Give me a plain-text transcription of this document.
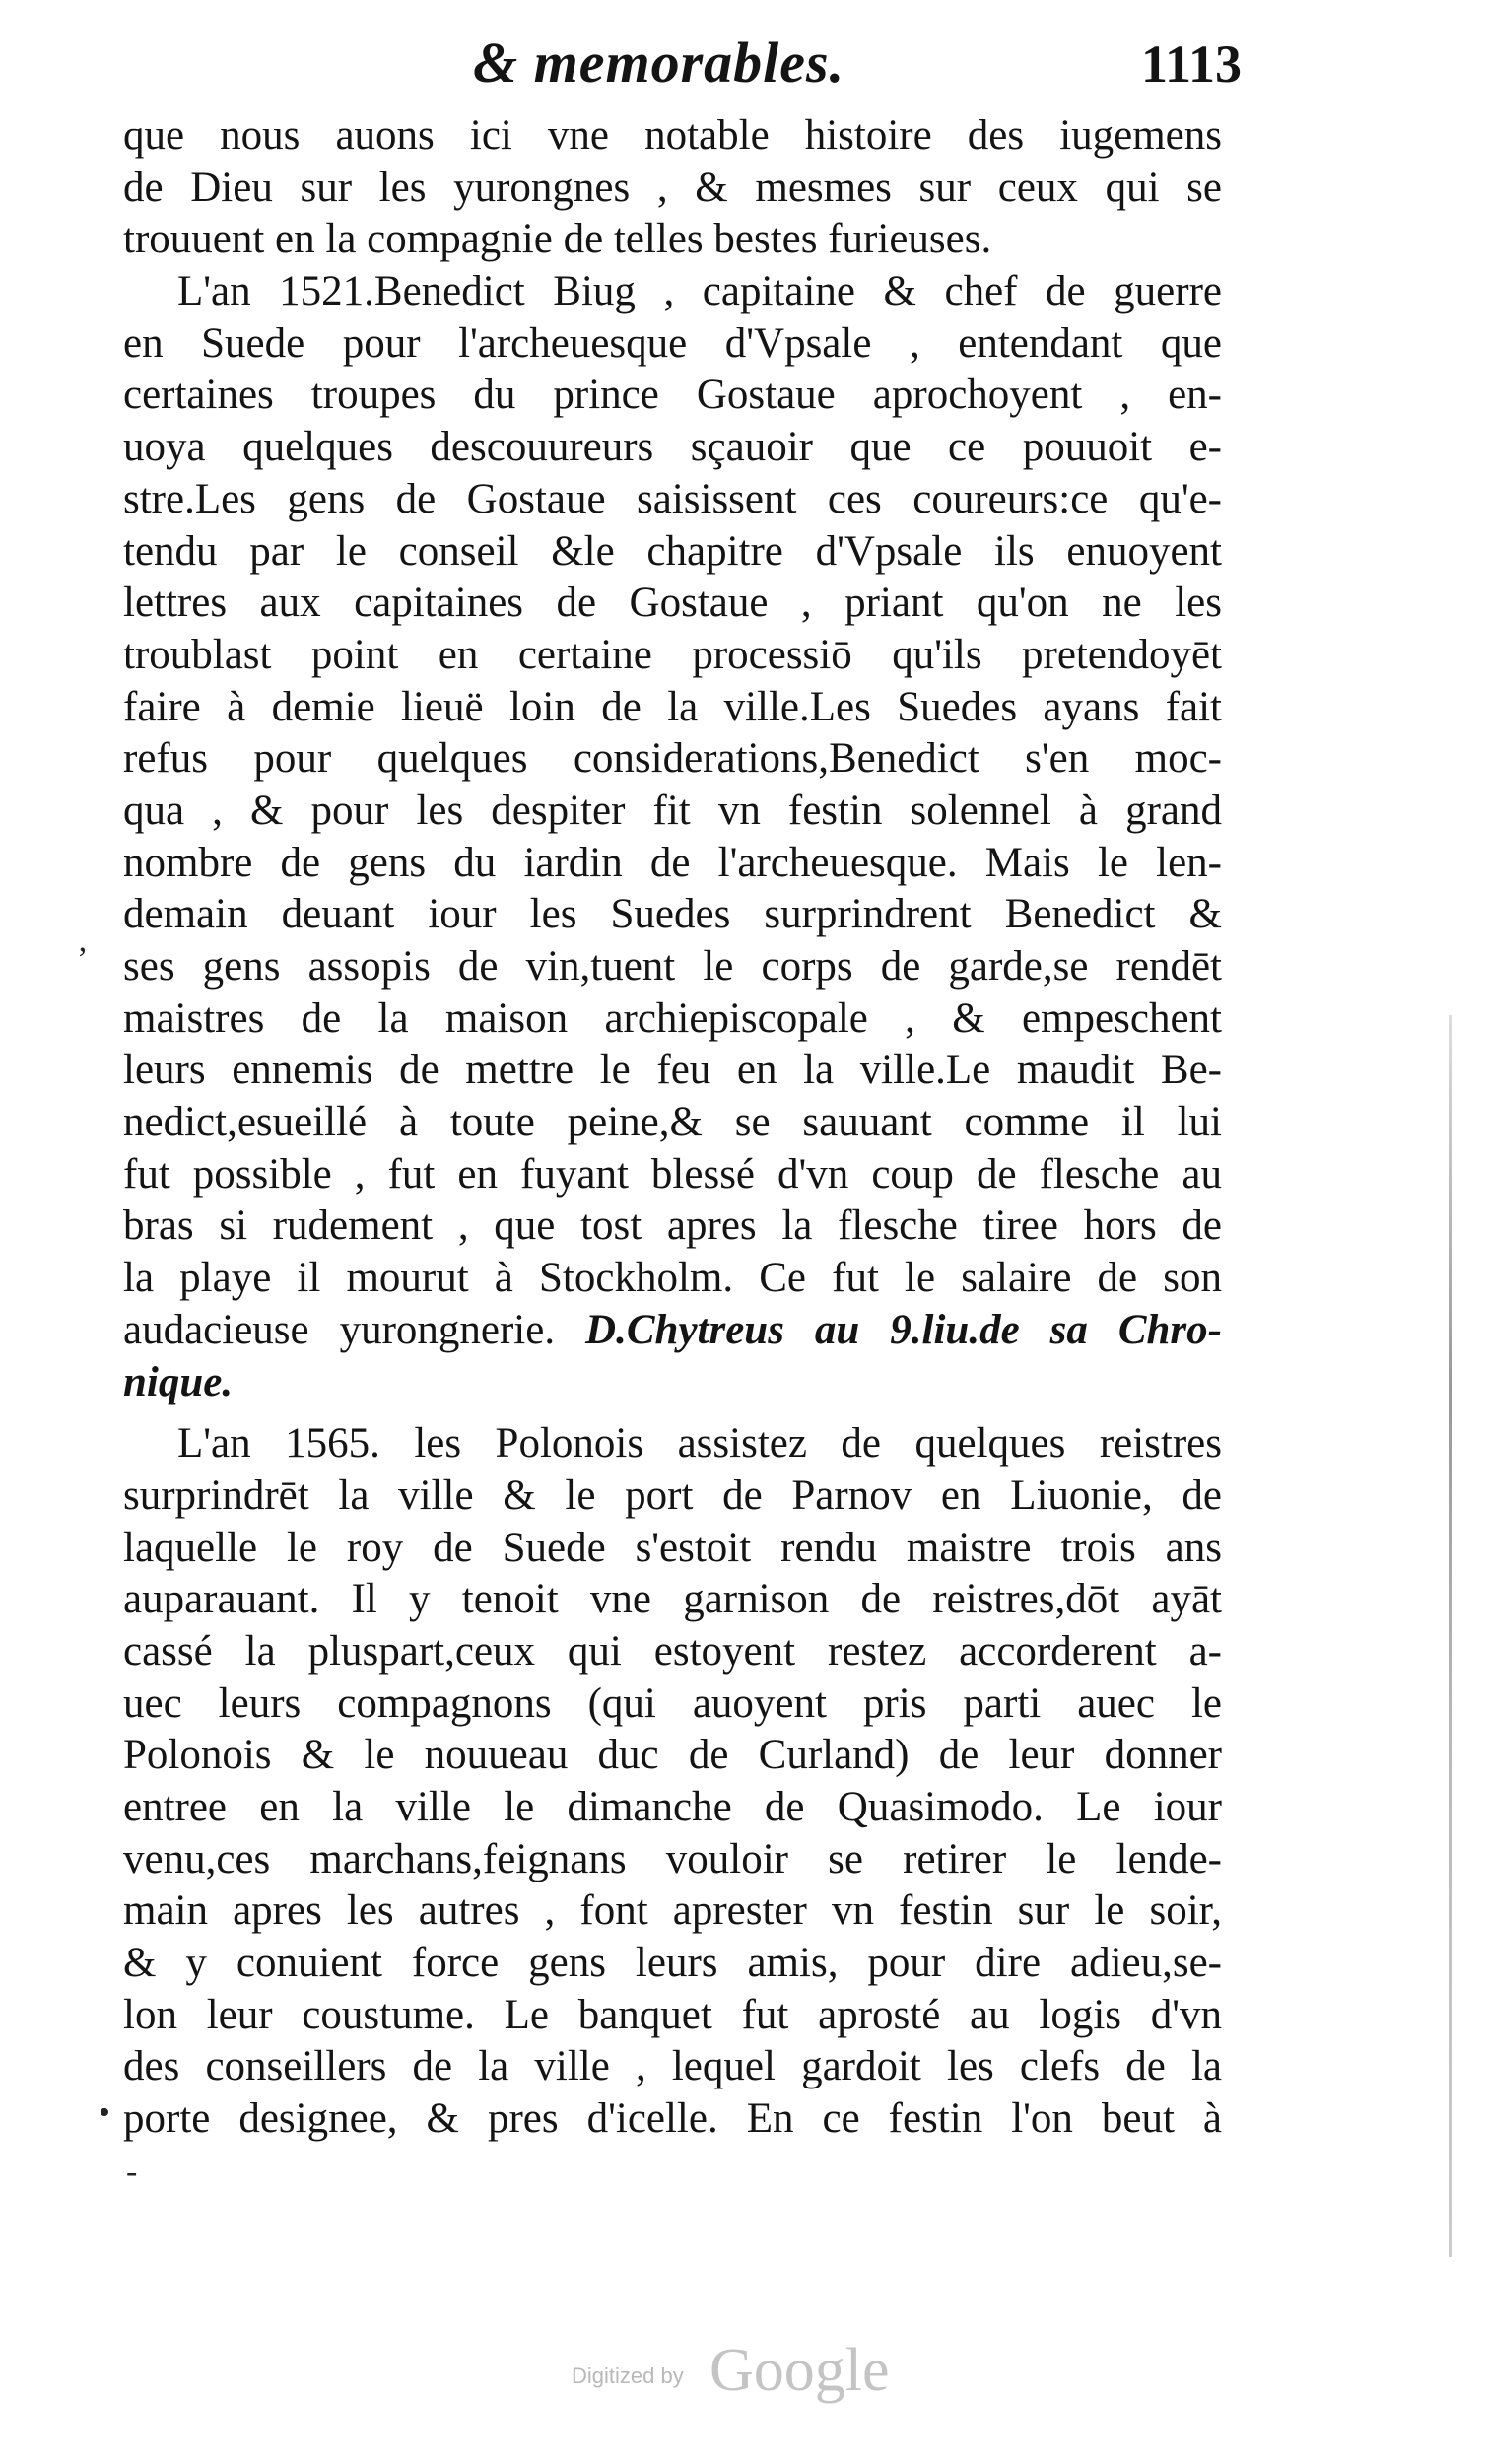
& memorables.	1113
que nous auons ici vne notable histoire des iugemens
de Dieu sur les yurongnes , & mesmes sur ceux qui se
trouuent en la compagnie de telles bestes furieuses.
L'an 1521.Benedict Biug , capitaine & chef de guerre
en Suede pour l'archeuesque d'Vpsale , entendant que
certaines troupes du prince Gostaue aprochoyent , en-
uoya quelques descouureurs sçauoir que ce pouuoit e-
stre.Les gens de Gostaue saisissent ces coureurs:ce qu'e-
tendu par le conseil &le chapitre d'Vpsale ils enuoyent
lettres aux capitaines de Gostaue , priant qu'on ne les
troublast point en certaine processiō qu'ils pretendoyēt
faire à demie lieuë loin de la ville.Les Suedes ayans fait
refus pour quelques considerations,Benedict s'en moc-
qua , & pour les despiter fit vn festin solennel à grand
nombre de gens du iardin de l'archeuesque. Mais le len-
demain deuant iour les Suedes surprindrent Benedict &
ses gens assopis de vin,tuent le corps de garde,se rendēt
maistres de la maison archiepiscopale , & empeschent
leurs ennemis de mettre le feu en la ville.Le maudit Be-
nedict,esueillé à toute peine,& se sauuant comme il lui
fut possible , fut en fuyant blessé d'vn coup de flesche au
bras si rudement , que tost apres la flesche tiree hors de
la playe il mourut à Stockholm. Ce fut le salaire de son
audacieuse yurongnerie. D.Chytreus au 9.liu.de sa Chro-
nique.
L'an 1565. les Polonois assistez de quelques reistres
surprindrēt la ville & le port de Parnov en Liuonie, de
laquelle le roy de Suede s'estoit rendu maistre trois ans
auparauant. Il y tenoit vne garnison de reistres,dōt ayāt
cassé la pluspart,ceux qui estoyent restez accorderent a-
uec leurs compagnons (qui auoyent pris parti auec le
Polonois & le nouueau duc de Curland) de leur donner
entree en la ville le dimanche de Quasimodo. Le iour
venu,ces marchans,feignans vouloir se retirer le lende-
main apres les autres , font aprester vn festin sur le soir,
& y conuient force gens leurs amis, pour dire adieu,se-
lon leur coustume. Le banquet fut aprosté au logis d'vn
des conseillers de la ville , lequel gardoit les clefs de la
porte designee, & pres d'icelle. En ce festin l'on beut à
ʼ
•
-
Digitized by Google
